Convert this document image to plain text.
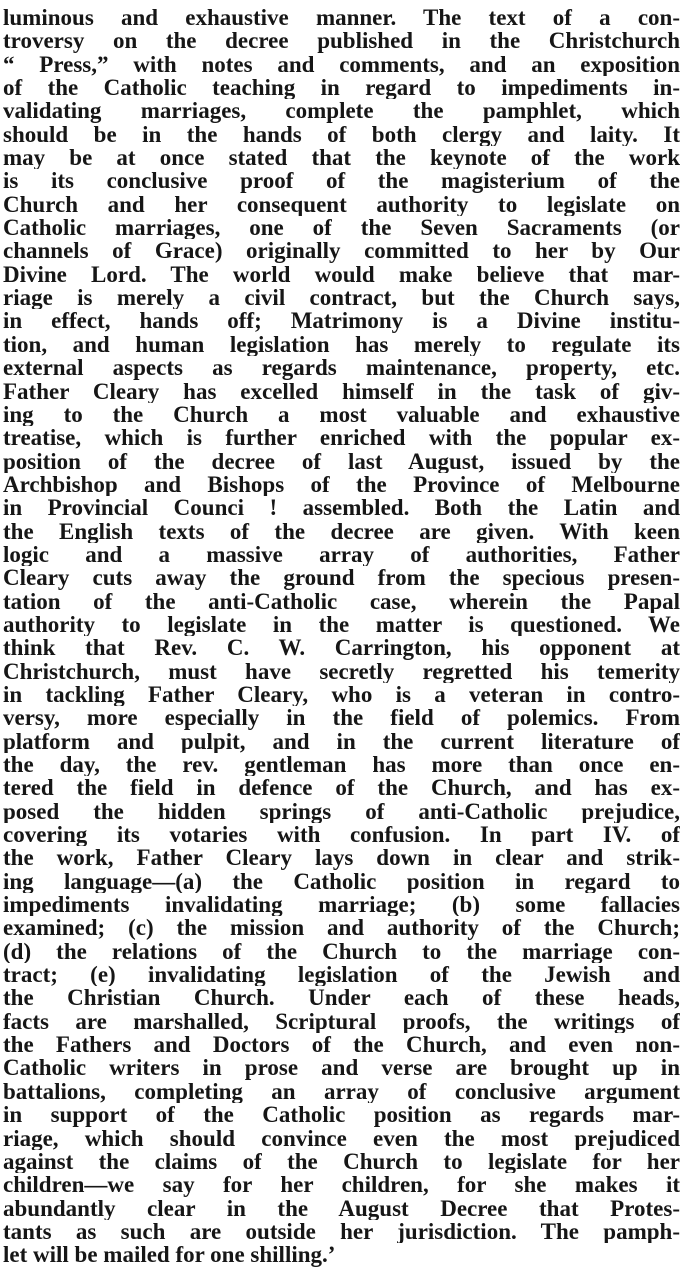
luminous and exhaustive manner. The text of a con-
troversy on the decree published in the Christchurch
“ Press,” with notes and comments, and an exposition
of the Catholic teaching in regard to impediments in-
validating marriages, complete the pamphlet, which
should be in the hands of both clergy and laity. It
may be at once stated that the keynote of the work
is its conclusive proof of the magisterium of the
Church and her consequent authority to legislate on
Catholic marriages, one of the Seven Sacraments (or
channels of Grace) originally committed to her by Our
Divine Lord. The world would make believe that mar-
riage is merely a civil contract, but the Church says,
in effect, hands off; Matrimony is a Divine institu-
tion, and human legislation has merely to regulate its
external aspects as regards maintenance, property, etc.
Father Cleary has excelled himself in the task of giv-
ing to the Church a most valuable and exhaustive
treatise, which is further enriched with the popular ex-
position of the decree of last August, issued by the
Archbishop and Bishops of the Province of Melbourne
in Provincial Counci ! assembled. Both the Latin and
the English texts of the decree are given. With keen
logic and a massive array of authorities, Father
Cleary cuts away the ground from the specious presen-
tation of the anti-Catholic case, wherein the Papal
authority to legislate in the matter is questioned. We
think that Rev. C. W. Carrington, his opponent at
Christchurch, must have secretly regretted his temerity
in tackling Father Cleary, who is a veteran in contro-
versy, more especially in the field of polemics. From
platform and pulpit, and in the current literature of
the day, the rev. gentleman has more than once en-
tered the field in defence of the Church, and has ex-
posed the hidden springs of anti-Catholic prejudice,
covering its votaries with confusion. In part IV. of
the work, Father Cleary lays down in clear and strik-
ing language—(a) the Catholic position in regard to
impediments invalidating marriage; (b) some fallacies
examined; (c) the mission and authority of the Church;
(d) the relations of the Church to the marriage con-
tract; (e) invalidating legislation of the Jewish and
the Christian Church. Under each of these heads,
facts are marshalled, Scriptural proofs, the writings of
the Fathers and Doctors of the Church, and even non-
Catholic writers in prose and verse are brought up in
battalions, completing an array of conclusive argument
in support of the Catholic position as regards mar-
riage, which should convince even the most prejudiced
against the claims of the Church to legislate for her
children—we say for her children, for she makes it
abundantly clear in the August Decree that Protes-
tants as such are outside her jurisdiction. The pamph-
let will be mailed for one shilling.’
